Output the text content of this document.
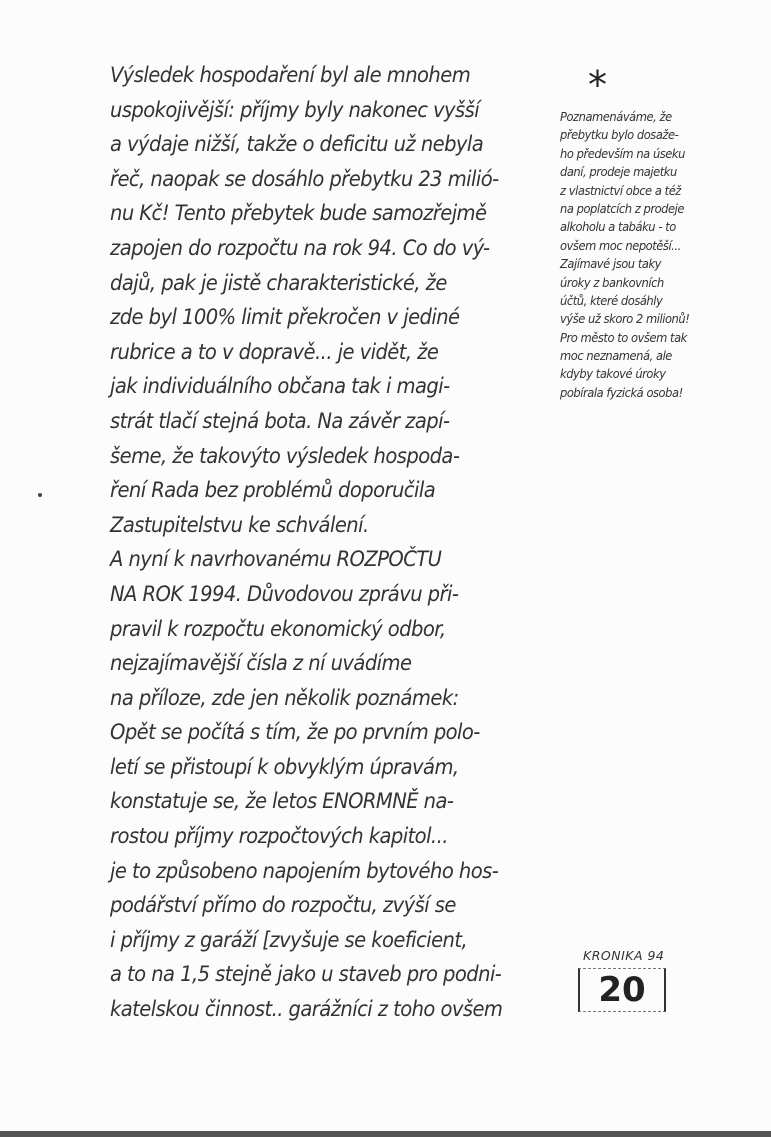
Výsledek hospodaření byl ale mnohem
uspokojivější: příjmy byly nakonec vyšší
a výdaje nižší, takže o deficitu už nebyla
řeč, naopak se dosáhlo přebytku 23 milió-
nu Kč! Tento přebytek bude samozřejmě
zapojen do rozpočtu na rok 94. Co do vý-
dajů, pak je jistě charakteristické, že
zde byl 100% limit překročen v jediné
rubrice a to v dopravě... je vidět, že
jak individuálního občana tak i magi-
strát tlačí stejná bota. Na závěr zapí-
šeme, že takovýto výsledek hospoda-
ření Rada bez problémů doporučila
Zastupitelstvu ke schválení.
A nyní k navrhovanému ROZPOČTU
NA ROK 1994. Důvodovou zprávu při-
pravil k rozpočtu ekonomický odbor,
nejzajímavější čísla z ní uvádíme
na příloze, zde jen několik poznámek:
Opět se počítá s tím, že po prvním polo-
letí se přistoupí k obvyklým úpravám,
konstatuje se, že letos ENORMNĚ na-
rostou příjmy rozpočtových kapitol...
je to způsobeno napojením bytového hos-
podářství přímo do rozpočtu, zvýší se
i příjmy z garáží [zvyšuje se koeficient,
a to na 1,5 stejně jako u staveb pro podni-
katelskou činnost.. garážníci z toho ovšem
*
Poznamenáváme, že
přebytku bylo dosaže-
ho především na úseku
daní, prodeje majetku
z vlastnictví obce a též
na poplatcích z prodeje
alkoholu a tabáku - to
ovšem moc nepotěší...
Zajímavé jsou taky
úroky z bankovních
účtů, které dosáhly
výše už skoro 2 milionů!
Pro město to ovšem tak
moc neznamená, ale
kdyby takové úroky
pobírala fyzická osoba!
KRONIKA 94
20
